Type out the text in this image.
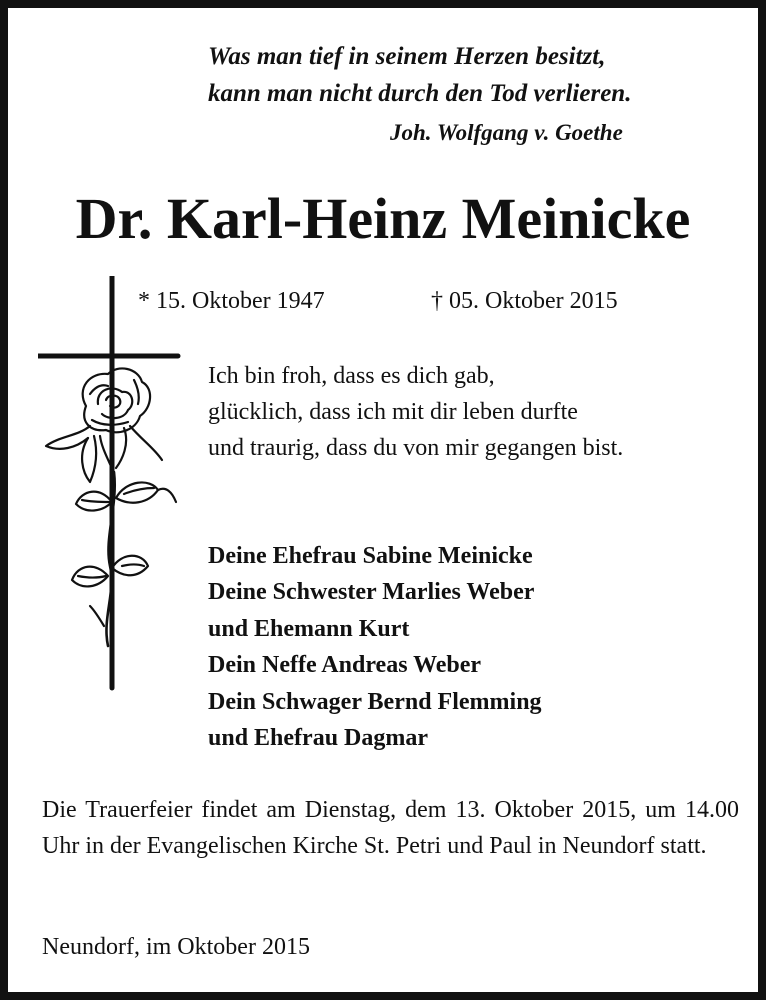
Was man tief in seinem Herzen besitzt,
kann man nicht durch den Tod verlieren.
Joh. Wolfgang v. Goethe
Dr. Karl-Heinz Meinicke
* 15. Oktober 1947	† 05. Oktober 2015
Ich bin froh, dass es dich gab,
glücklich, dass ich mit dir leben durfte
und traurig, dass du von mir gegangen bist.
Deine Ehefrau Sabine Meinicke
Deine Schwester Marlies Weber
und Ehemann Kurt
Dein Neffe Andreas Weber
Dein Schwager Bernd Flemming
und Ehefrau Dagmar
Die Trauerfeier findet am Dienstag, dem 13. Oktober 2015, um 14.00 Uhr in der Evangelischen Kirche St. Petri und Paul in Neundorf statt.
Neundorf, im Oktober 2015
